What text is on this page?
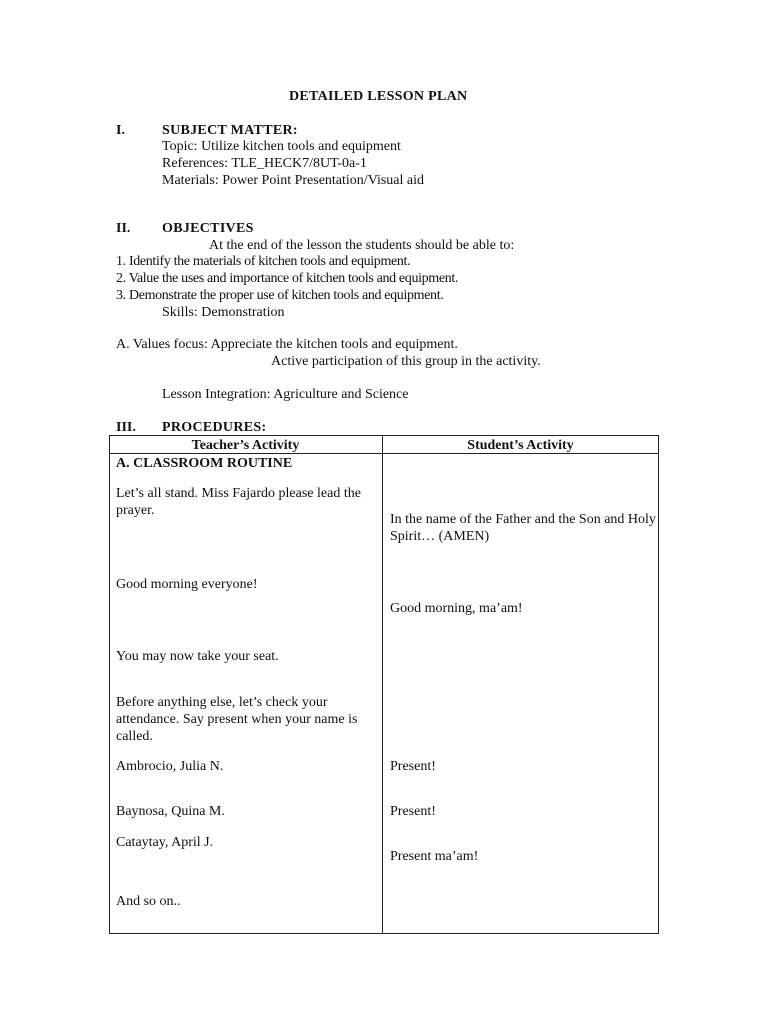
DETAILED LESSON PLAN
I.	SUBJECT MATTER:
Topic: Utilize kitchen tools and equipment
References: TLE_HECK7/8UT-0a-1
Materials: Power Point Presentation/Visual aid
II. OBJECTIVES
At the end of the lesson the students should be able to:
1. Identify the materials of kitchen tools and equipment.
2. Value the uses and importance of kitchen tools and equipment.
3. Demonstrate the proper use of kitchen tools and equipment.
Skills: Demonstration
A. Values focus: Appreciate the kitchen tools and equipment.
Active participation of this group in the activity.
Lesson Integration: Agriculture and Science
III. PROCEDURES:
Teacher’s Activity	Student’s Activity
A. CLASSROOM ROUTINE
Let’s all stand. Miss Fajardo please lead the prayer.
Good morning everyone!
You may now take your seat.
Before anything else, let’s check your attendance. Say present when your name is called.
Ambrocio, Julia N.
Baynosa, Quina M.
Cataytay, April J.
And so on..
In the name of the Father and the Son and Holy Spirit… (AMEN)
Good morning, ma’am!
Present!
Present!
Present ma’am!
